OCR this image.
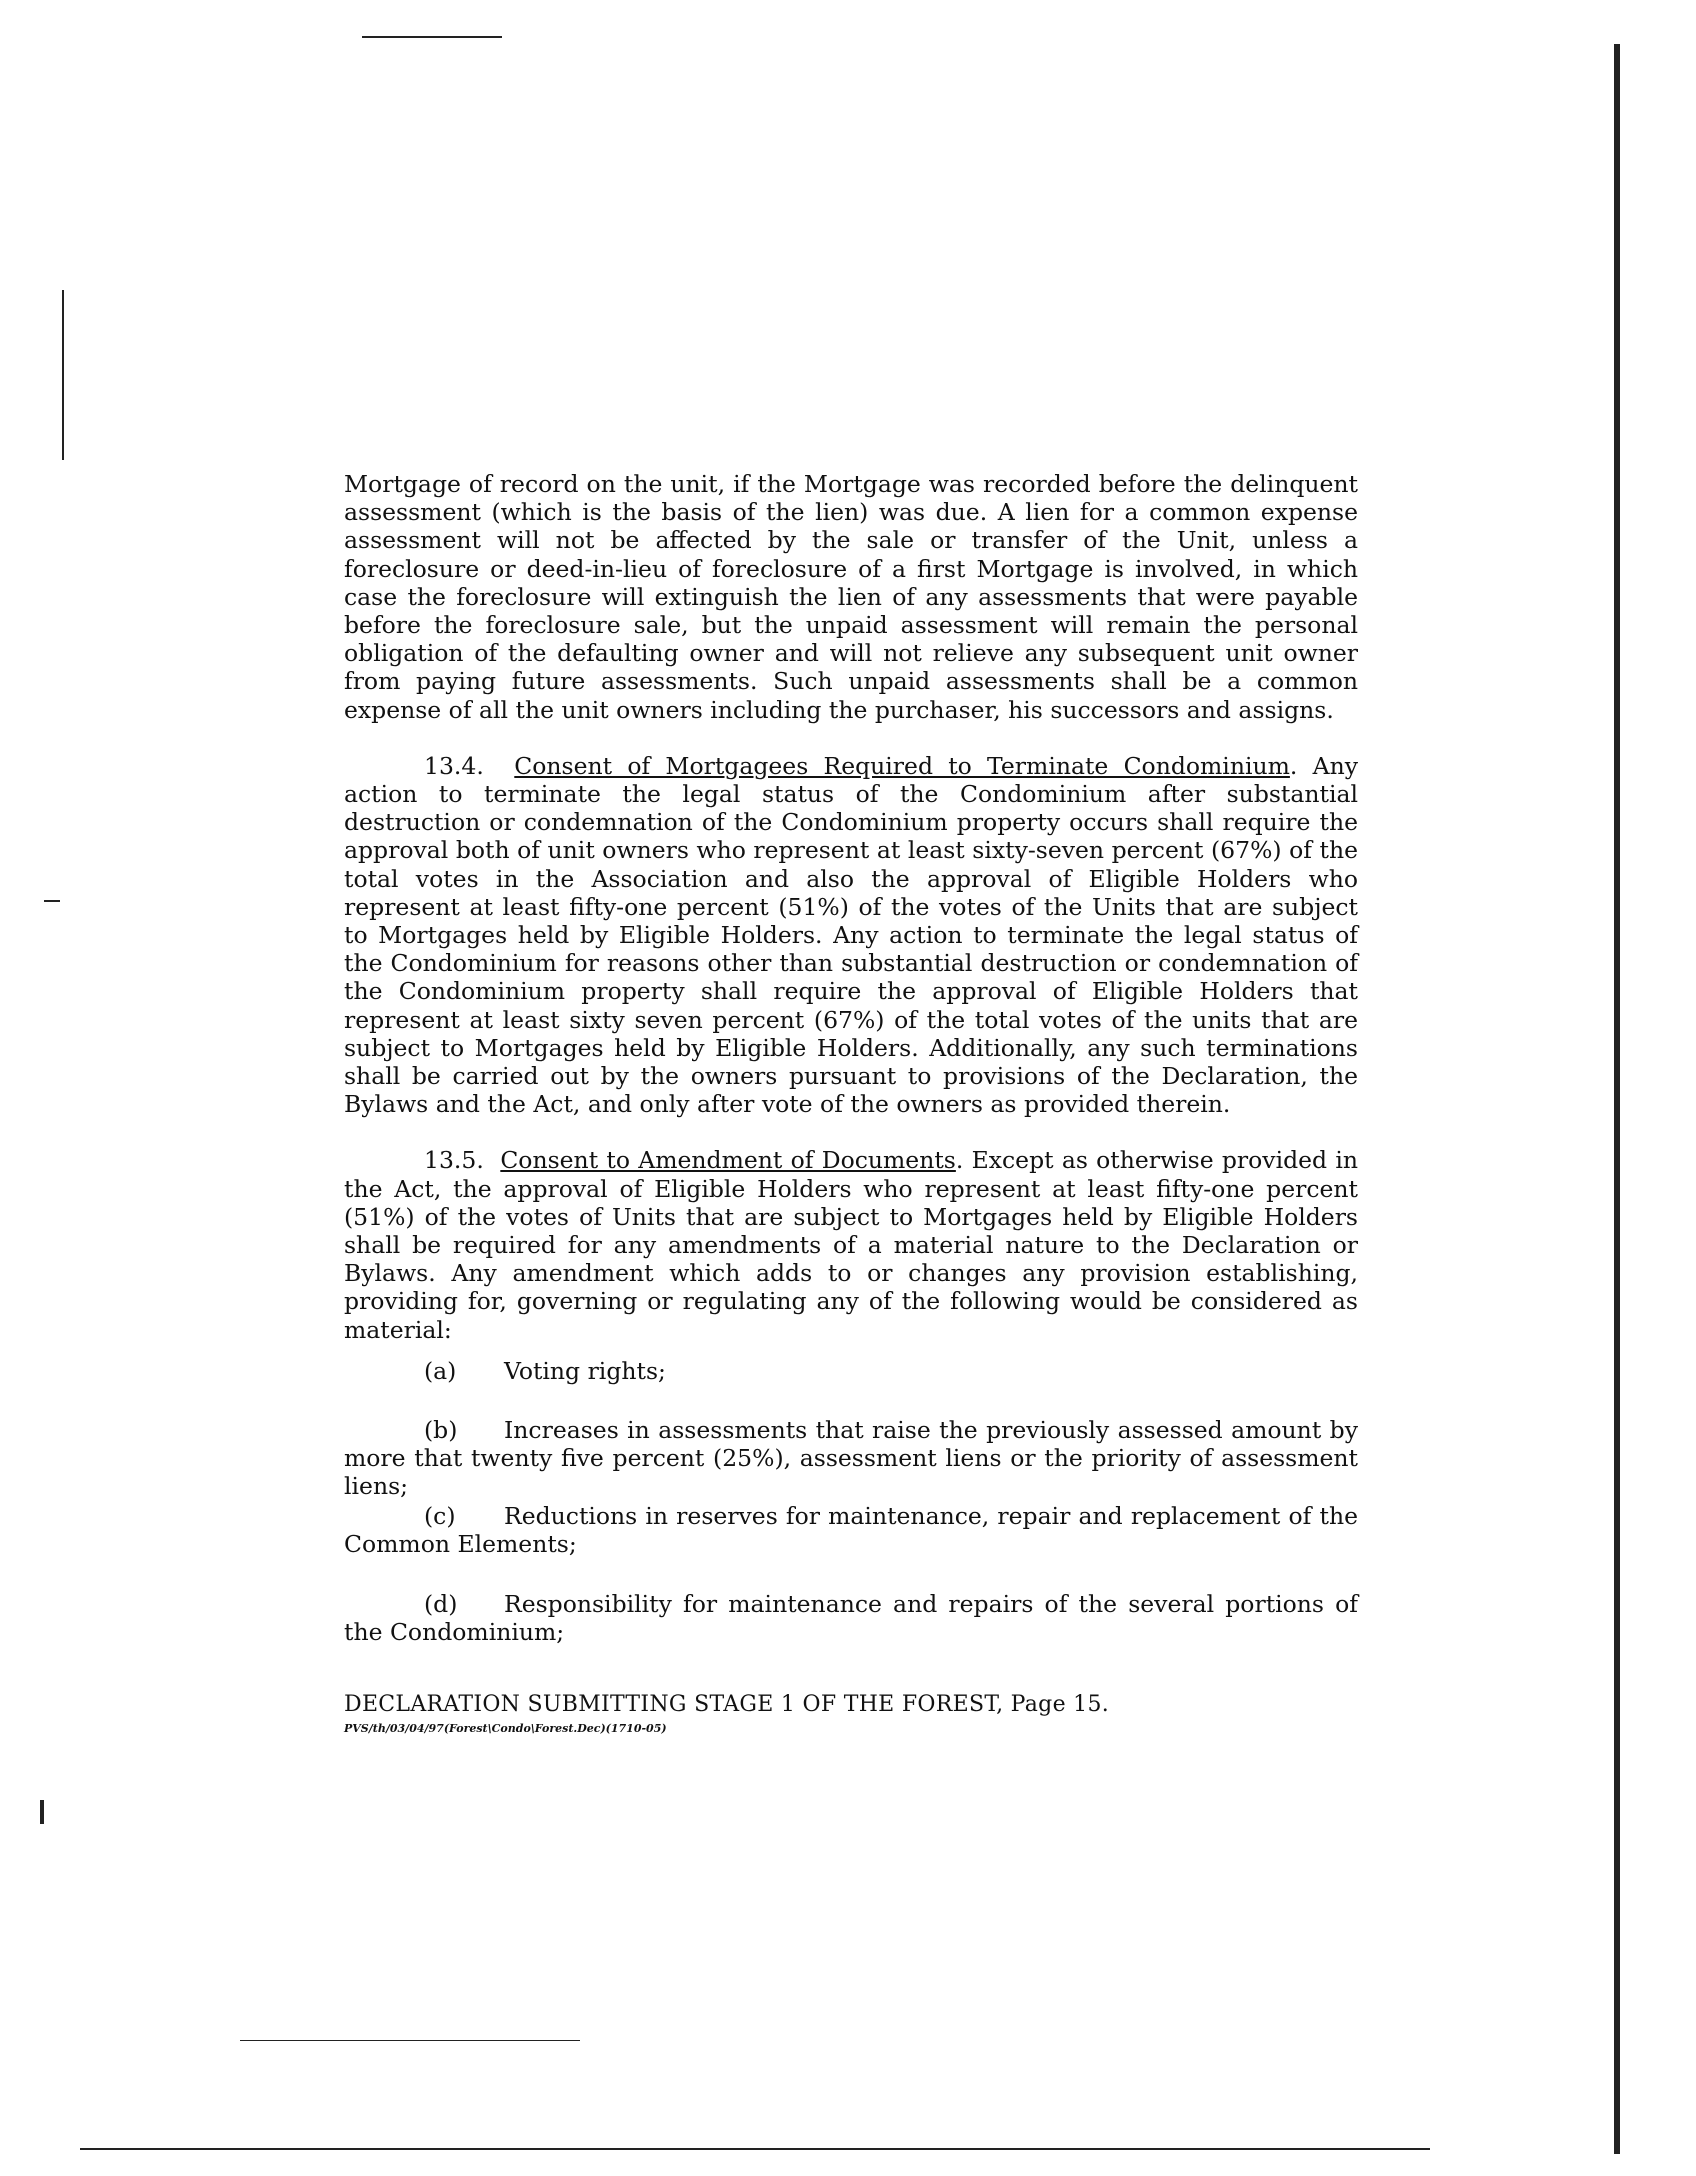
Mortgage of record on the unit, if the Mortgage was recorded before the delinquent assessment (which is the basis of the lien) was due. A lien for a common expense assessment will not be affected by the sale or transfer of the Unit, unless a foreclosure or deed-in-lieu of foreclosure of a first Mortgage is involved, in which case the foreclosure will extinguish the lien of any assessments that were payable before the foreclosure sale, but the unpaid assessment will remain the personal obligation of the defaulting owner and will not relieve any subsequent unit owner from paying future assessments. Such unpaid assessments shall be a common expense of all the unit owners including the purchaser, his successors and assigns.

13.4. Consent of Mortgagees Required to Terminate Condominium. Any action to terminate the legal status of the Condominium after substantial destruction or condemnation of the Condominium property occurs shall require the approval both of unit owners who represent at least sixty-seven percent (67%) of the total votes in the Association and also the approval of Eligible Holders who represent at least fifty-one percent (51%) of the votes of the Units that are subject to Mortgages held by Eligible Holders. Any action to terminate the legal status of the Condominium for reasons other than substantial destruction or condemnation of the Condominium property shall require the approval of Eligible Holders that represent at least sixty seven percent (67%) of the total votes of the units that are subject to Mortgages held by Eligible Holders. Additionally, any such terminations shall be carried out by the owners pursuant to provisions of the Declaration, the Bylaws and the Act, and only after vote of the owners as provided therein.

13.5. Consent to Amendment of Documents. Except as otherwise provided in the Act, the approval of Eligible Holders who represent at least fifty-one percent (51%) of the votes of Units that are subject to Mortgages held by Eligible Holders shall be required for any amendments of a material nature to the Declaration or Bylaws. Any amendment which adds to or changes any provision establishing, providing for, governing or regulating any of the following would be considered as material:

(a) Voting rights;
(b) Increases in assessments that raise the previously assessed amount by more that twenty five percent (25%), assessment liens or the priority of assessment liens;
(c) Reductions in reserves for maintenance, repair and replacement of the Common Elements;
(d) Responsibility for maintenance and repairs of the several portions of the Condominium;
DECLARATION SUBMITTING STAGE 1 OF THE FOREST, Page 15.
PVS/th/03/04/97(Forest\Condo\Forest.Dec)(1710-05)
